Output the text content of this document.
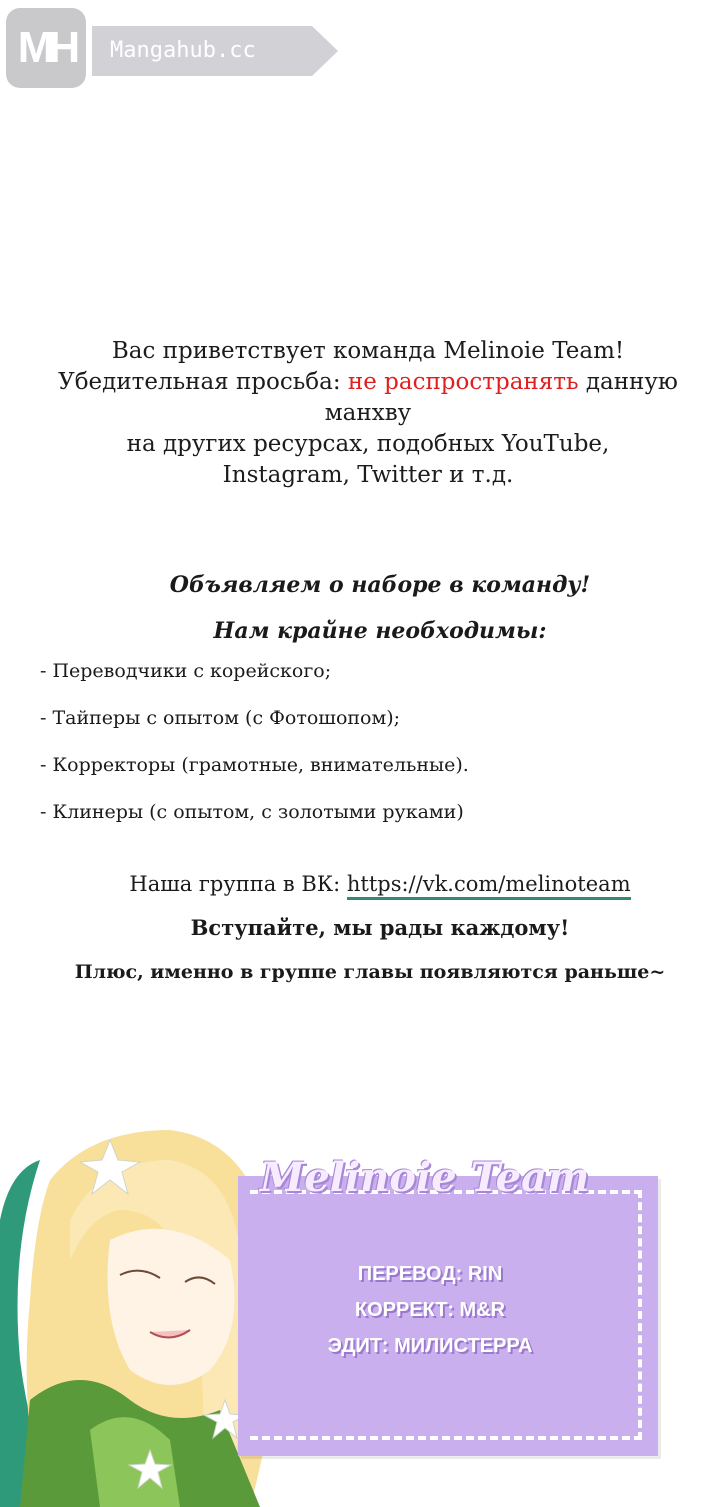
MH	Mangahub.cc
Вас приветствует команда Melinoie Team!
Убедительная просьба: не распространять данную манхву
на других ресурсах, подобных YouTube,
Instagram, Twitter и т.д.
Объявляем о наборе в команду!
Нам крайне необходимы:
- Переводчики с корейского;
- Тайперы с опытом (с Фотошопом);
- Корректоры (грамотные, внимательные).
- Клинеры (с опытом, с золотыми руками)
Наша группа в ВК: https://vk.com/melinoteam
Вступайте, мы рады каждому!
Плюс, именно в группе главы появляются раньше~
Melinoie Team
ПЕРЕВОД: RIN
КОРРЕКТ: M&R
ЭДИТ: МИЛИСТЕРРА
